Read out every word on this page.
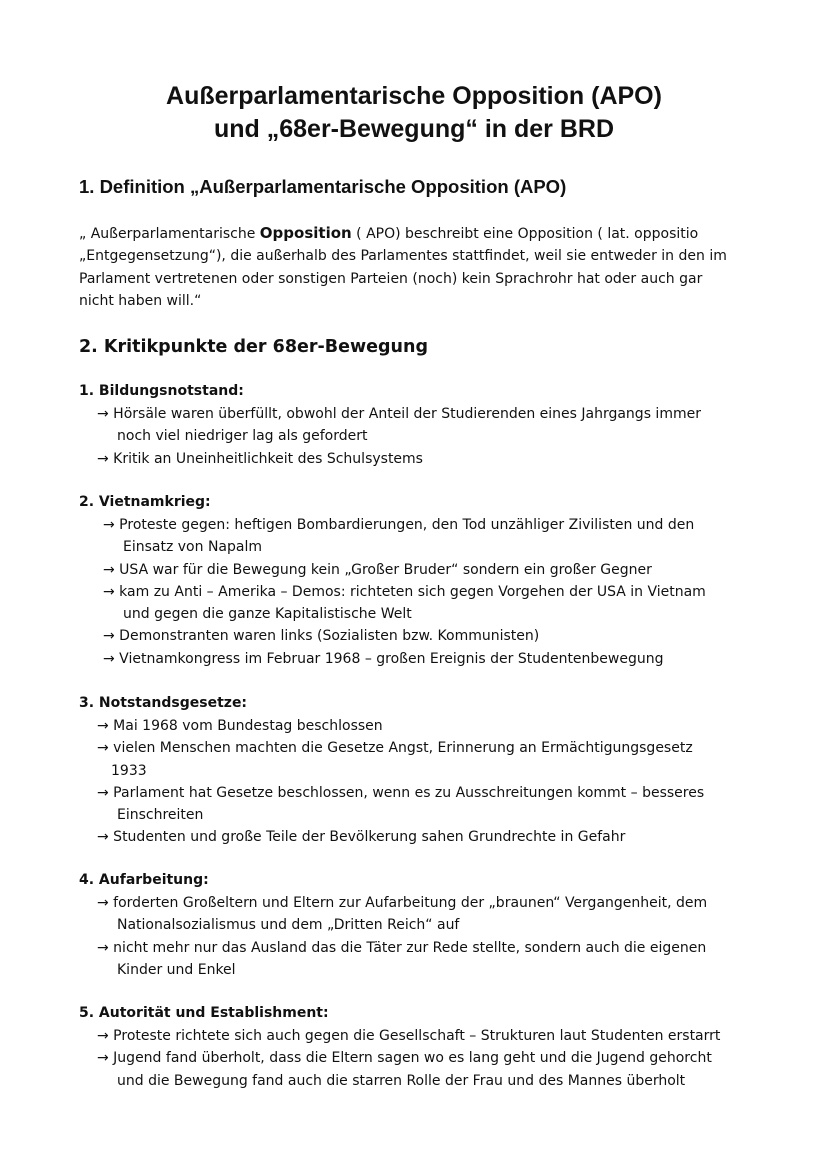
Außerparlamentarische Opposition (APO)
und „68er-Bewegung“ in der BRD
1. Definition „Außerparlamentarische Opposition (APO)
„ Außerparlamentarische Opposition ( APO) beschreibt eine Opposition ( lat. oppositio
„Entgegensetzung“), die außerhalb des Parlamentes stattfindet, weil sie entweder in den im
Parlament vertretenen oder sonstigen Parteien (noch) kein Sprachrohr hat oder auch gar
nicht haben will.“
2. Kritikpunkte der 68er-Bewegung
1. Bildungsnotstand:
→ Hörsäle waren überfüllt, obwohl der Anteil der Studierenden eines Jahrgangs immer
noch viel niedriger lag als gefordert
→ Kritik an Uneinheitlichkeit des Schulsystems
2. Vietnamkrieg:
→ Proteste gegen: heftigen Bombardierungen, den Tod unzähliger Zivilisten und den
Einsatz von Napalm
→ USA war für die Bewegung kein „Großer Bruder“ sondern ein großer Gegner
→ kam zu Anti – Amerika – Demos: richteten sich gegen Vorgehen der USA in Vietnam
und gegen die ganze Kapitalistische Welt
→ Demonstranten waren links (Sozialisten bzw. Kommunisten)
→ Vietnamkongress im Februar 1968 – großen Ereignis der Studentenbewegung
3. Notstandsgesetze:
→ Mai 1968 vom Bundestag beschlossen
→ vielen Menschen machten die Gesetze Angst, Erinnerung an Ermächtigungsgesetz
1933
→ Parlament hat Gesetze beschlossen, wenn es zu Ausschreitungen kommt – besseres
Einschreiten
→ Studenten und große Teile der Bevölkerung sahen Grundrechte in Gefahr
4. Aufarbeitung:
→ forderten Großeltern und Eltern zur Aufarbeitung der „braunen“ Vergangenheit, dem
Nationalsozialismus und dem „Dritten Reich“ auf
→ nicht mehr nur das Ausland das die Täter zur Rede stellte, sondern auch die eigenen
Kinder und Enkel
5. Autorität und Establishment:
→ Proteste richtete sich auch gegen die Gesellschaft – Strukturen laut Studenten erstarrt
→ Jugend fand überholt, dass die Eltern sagen wo es lang geht und die Jugend gehorcht
und die Bewegung fand auch die starren Rolle der Frau und des Mannes überholt
